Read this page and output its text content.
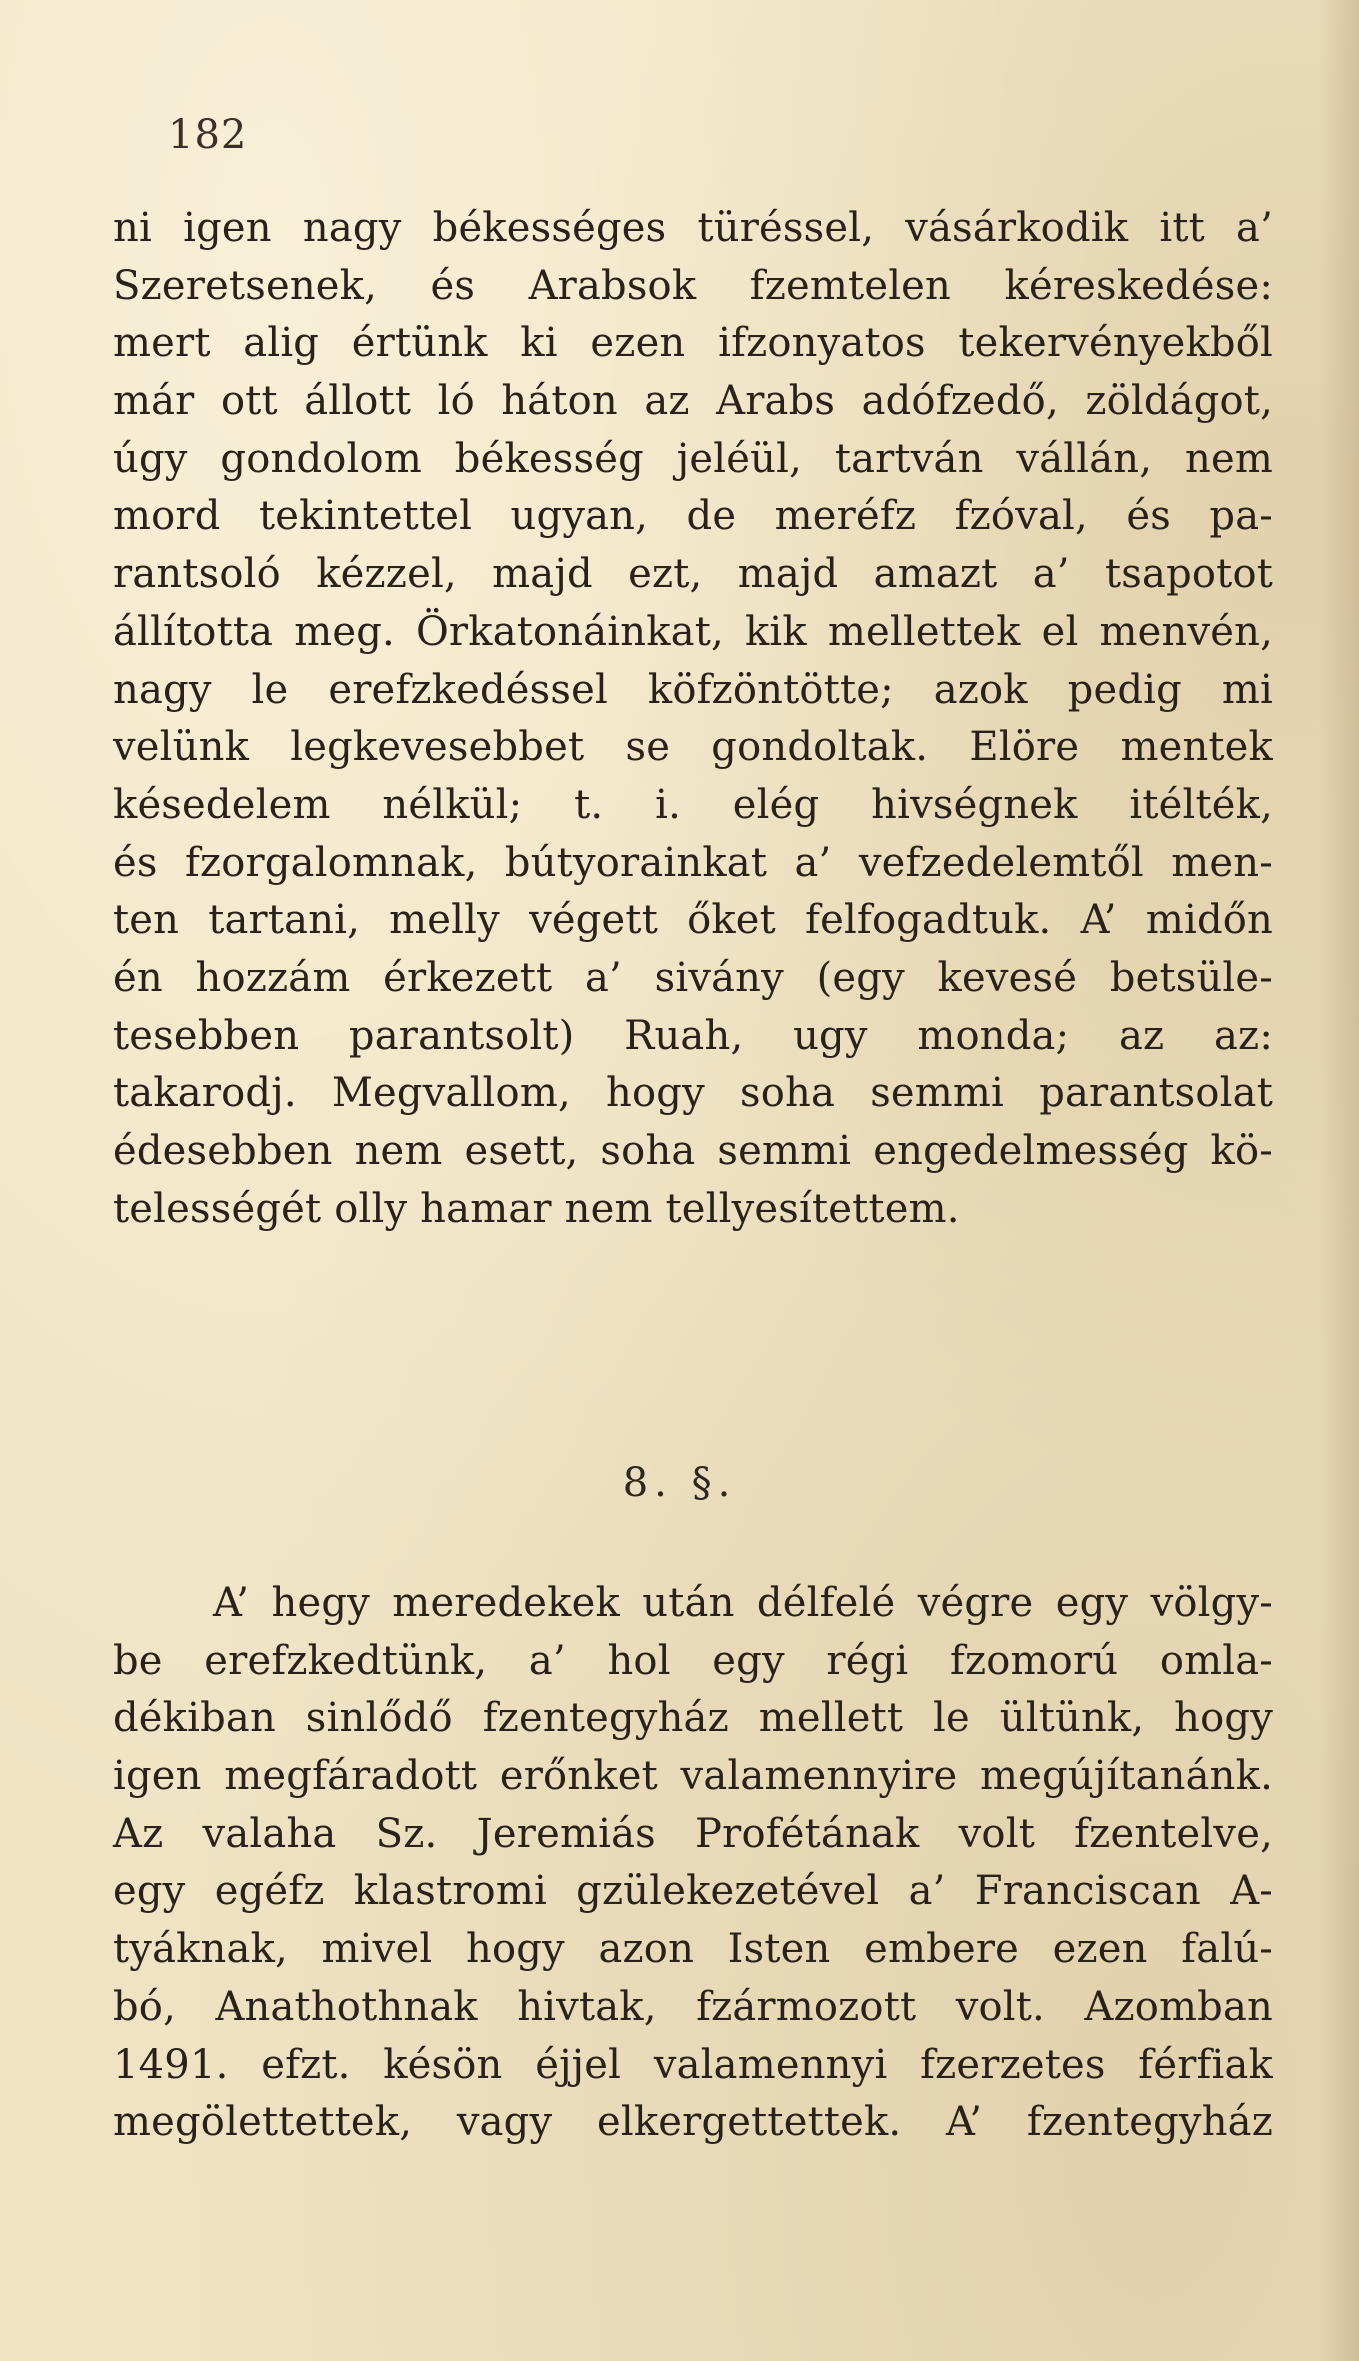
182
ni igen nagy békességes türéssel, vásárkodik itt a’
Szeretsenek, és Arabsok fzemtelen kéreskedése:
mert alig értünk ki ezen ifzonyatos tekervényekből
már ott állott ló háton az Arabs adófzedő, zöldágot,
úgy gondolom békesség jeléül, tartván vállán, nem
mord tekintettel ugyan, de meréfz fzóval, és pa-
rantsoló kézzel, majd ezt, majd amazt a’ tsapotot
állította meg. Örkatonáinkat, kik mellettek el menvén,
nagy le erefzkedéssel köfzöntötte; azok pedig mi
velünk legkevesebbet se gondoltak. Elöre mentek
késedelem nélkül; t. i. elég hivségnek itélték,
és fzorgalomnak, bútyorainkat a’ vefzedelemtől men-
ten tartani, melly végett őket felfogadtuk. A’ midőn
én hozzám érkezett a’ sivány (egy kevesé betsüle-
tesebben parantsolt) Ruah, ugy monda; az az:
takarodj. Megvallom, hogy soha semmi parantsolat
édesebben nem esett, soha semmi engedelmesség kö-
telességét olly hamar nem tellyesítettem.
8. §.
A’ hegy meredekek után délfelé végre egy völgy-
be erefzkedtünk, a’ hol egy régi fzomorú omla-
dékiban sinlődő fzentegyház mellett le ültünk, hogy
igen megfáradott erőnket valamennyire megújítanánk.
Az valaha Sz. Jeremiás Profétának volt fzentelve,
egy egéfz klastromi gzülekezetével a’ Franciscan A-
tyáknak, mivel hogy azon Isten embere ezen falú-
bó, Anathothnak hivtak, fzármozott volt. Azomban
1491. efzt. késön éjjel valamennyi fzerzetes férfiak
megölettettek, vagy elkergettettek. A’ fzentegyház
